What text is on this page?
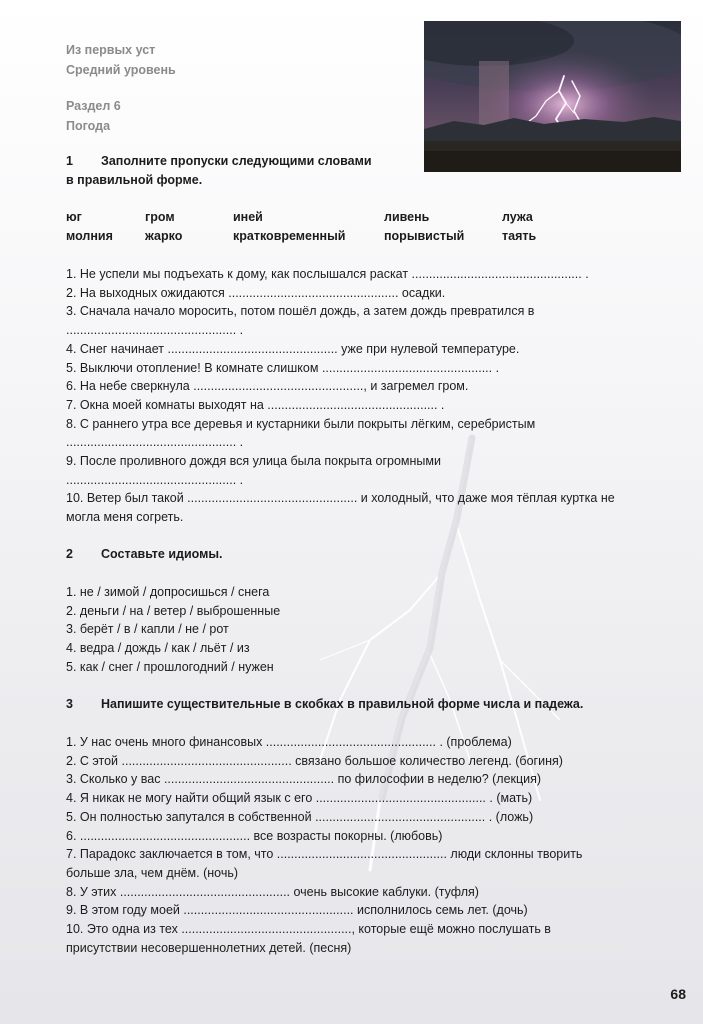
Из первых уст
Средний уровень
Раздел 6
Погода
1 Заполните пропуски следующими словами
в правильной форме.
юг	гром	иней	ливень	лужа
молния	жарко	кратковременный	порывистый	таять
1. Не успели мы подъехать к дому, как послышался раскат ................................................. .
2. На выходных ожидаются ................................................. осадки.
3. Сначала начало моросить, потом пошёл дождь, а затем дождь превратился в
................................................. .
4. Снег начинает ................................................. уже при нулевой температуре.
5. Выключи отопление! В комнате слишком ................................................. .
6. На небе сверкнула ................................................., и загремел гром.
7. Окна моей комнаты выходят на ................................................. .
8. С раннего утра все деревья и кустарники были покрыты лёгким, серебристым
................................................. .
9. После проливного дождя вся улица была покрыта огромными
................................................. .
10. Ветер был такой ................................................. и холодный, что даже моя тёплая куртка не
могла меня согреть.
2 Составьте идиомы.
1. не / зимой / допросишься / снега
2. деньги / на / ветер / выброшенные
3. берёт / в / капли / не / рот
4. ведра / дождь / как / льёт / из
5. как / снег / прошлогодний / нужен
3 Напишите существительные в скобках в правильной форме числа и падежа.
1. У нас очень много финансовых ................................................. . (проблема)
2. С этой ................................................. связано большое количество легенд. (богиня)
3. Сколько у вас ................................................. по философии в неделю? (лекция)
4. Я никак не могу найти общий язык с его ................................................. . (мать)
5. Он полностью запутался в собственной ................................................. . (ложь)
6. ................................................. все возрасты покорны. (любовь)
7. Парадокс заключается в том, что ................................................. люди склонны творить
больше зла, чем днём. (ночь)
8. У этих ................................................. очень высокие каблуки. (туфля)
9. В этом году моей ................................................. исполнилось семь лет. (дочь)
10. Это одна из тех ................................................., которые ещё можно послушать в
присутствии несовершеннолетних детей. (песня)
68
